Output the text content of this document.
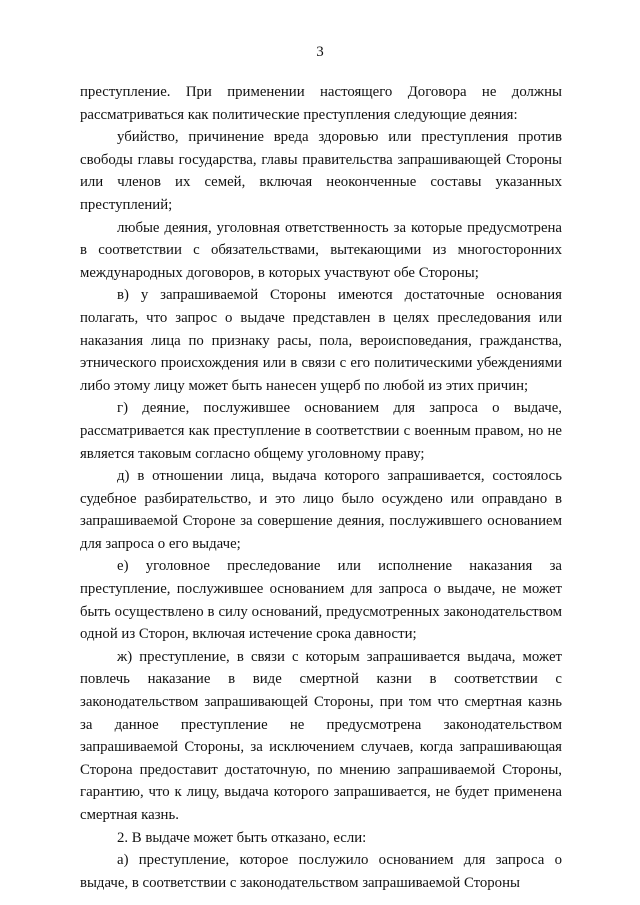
3

преступление. При применении настоящего Договора не должны рассматриваться как политические преступления следующие деяния:

убийство, причинение вреда здоровью или преступления против свободы главы государства, главы правительства запрашивающей Стороны или членов их семей, включая неоконченные составы указанных преступлений;

любые деяния, уголовная ответственность за которые предусмотрена в соответствии с обязательствами, вытекающими из многосторонних международных договоров, в которых участвуют обе Стороны;

в) у запрашиваемой Стороны имеются достаточные основания полагать, что запрос о выдаче представлен в целях преследования или наказания лица по признаку расы, пола, вероисповедания, гражданства, этнического происхождения или в связи с его политическими убеждениями либо этому лицу может быть нанесен ущерб по любой из этих причин;

г) деяние, послужившее основанием для запроса о выдаче, рассматривается как преступление в соответствии с военным правом, но не является таковым согласно общему уголовному праву;

д) в отношении лица, выдача которого запрашивается, состоялось судебное разбирательство, и это лицо было осуждено или оправдано в запрашиваемой Стороне за совершение деяния, послужившего основанием для запроса о его выдаче;

е) уголовное преследование или исполнение наказания за преступление, послужившее основанием для запроса о выдаче, не может быть осуществлено в силу оснований, предусмотренных законодательством одной из Сторон, включая истечение срока давности;

ж) преступление, в связи с которым запрашивается выдача, может повлечь наказание в виде смертной казни в соответствии с законодательством запрашивающей Стороны, при том что смертная казнь за данное преступление не предусмотрена законодательством запрашиваемой Стороны, за исключением случаев, когда запрашивающая Сторона предоставит достаточную, по мнению запрашиваемой Стороны, гарантию, что к лицу, выдача которого запрашивается, не будет применена смертная казнь.

2. В выдаче может быть отказано, если:

а) преступление, которое послужило основанием для запроса о выдаче, в соответствии с законодательством запрашиваемой Стороны
